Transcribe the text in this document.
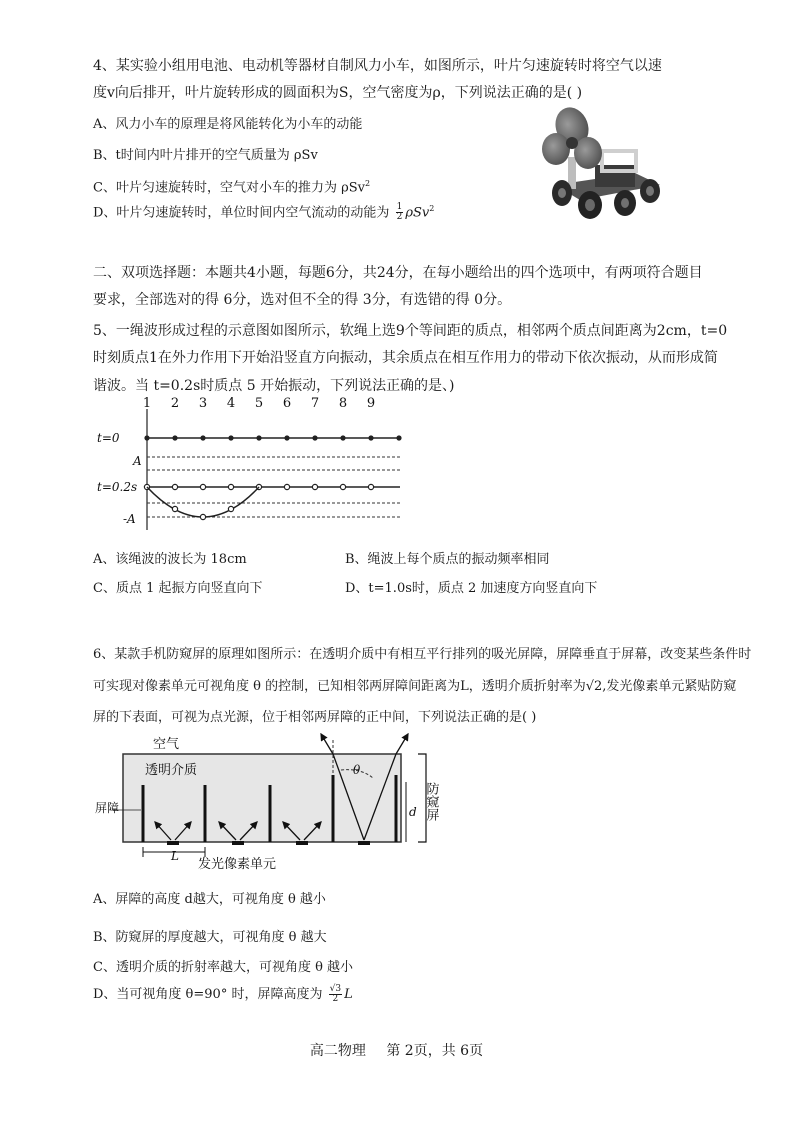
4、某实验小组用电池、电动机等器材自制风力小车，如图所示，叶片匀速旋转时将空气以速
度v向后排开，叶片旋转形成的圆面积为S，空气密度为ρ，下列说法正确的是( )
A、风力小车的原理是将风能转化为小车的动能
B、t时间内叶片排开的空气质量为 ρSv
C、叶片匀速旋转时，空气对小车的推力为 ρSv$^2$
D、叶片匀速旋转时，单位时间内空气流动的动能为 $\frac{1}{2} \rho Sv^2$
二、双项选择题：本题共4小题，每题6分，共24分，在每小题给出的四个选项中，有两项符合题目
要求，全部选对的得 6分，选对但不全的得 3分，有选错的得 0分。
5、一绳波形成过程的示意图如图所示，软绳上选9个等间距的质点，相邻两个质点间距离为2cm，t=0
时刻质点1在外力作用下开始沿竖直方向振动，其余质点在相互作用力的带动下依次振动，从而形成简
谐波。当 t=0.2s时质点 5 开始振动，下列说法正确的是、)
1 2 3 4 5 6 7 8 9
t=0
A
t=0.2s
-A
A、该绳波的波长为 18cm	B、绳波上每个质点的振动频率相同
C、质点 1 起振方向竖直向下	D、t=1.0s时，质点 2 加速度方向竖直向下
6、某款手机防窥屏的原理如图所示：在透明介质中有相互平行排列的吸光屏障，屏障垂直于屏幕，改变某些条件时
可实现对像素单元可视角度 θ 的控制，已知相邻两屏障间距离为L，透明介质折射率为√2,发光像素单元紧贴防窥
屏的下表面，可视为点光源，位于相邻两屏障的正中间，下列说法正确的是( )
空气
透明介质
屏障
θ
d 防窥屏
L
发光像素单元
A、屏障的高度 d越大，可视角度 θ 越小
B、防窥屏的厚度越大，可视角度 θ 越大
C、透明介质的折射率越大，可视角度 θ 越小
D、当可视角度 θ=90° 时，屏障高度为 $\frac{√3}{2}$ L
高二物理 第 2页，共 6页
